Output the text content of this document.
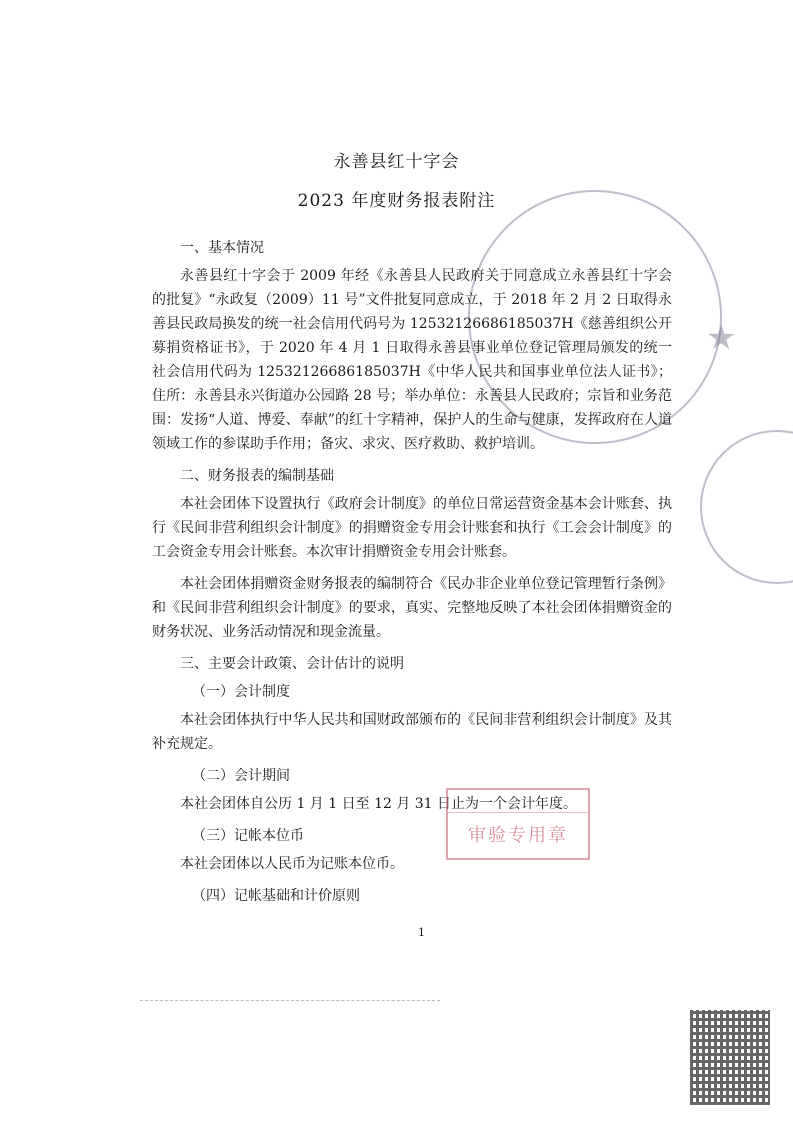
★
永善县红十字会
2023 年度财务报表附注
一、基本情况
永善县红十字会于 2009 年经《永善县人民政府关于同意成立永善县红十字会的批复》“永政复（2009）11 号”文件批复同意成立，于 2018 年 2 月 2 日取得永善县民政局换发的统一社会信用代码号为 12532126686185037H《慈善组织公开募捐资格证书》，于 2020 年 4 月 1 日取得永善县事业单位登记管理局颁发的统一社会信用代码为 12532126686185037H《中华人民共和国事业单位法人证书》；住所：永善县永兴街道办公园路 28 号；举办单位：永善县人民政府；宗旨和业务范围：发扬“人道、博爱、奉献”的红十字精神，保护人的生命与健康，发挥政府在人道领域工作的参谋助手作用；备灾、求灾、医疗救助、救护培训。
二、财务报表的编制基础
本社会团体下设置执行《政府会计制度》的单位日常运营资金基本会计账套、执行《民间非营利组织会计制度》的捐赠资金专用会计账套和执行《工会会计制度》的工会资金专用会计账套。本次审计捐赠资金专用会计账套。
本社会团体捐赠资金财务报表的编制符合《民办非企业单位登记管理暂行条例》和《民间非营利组织会计制度》的要求，真实、完整地反映了本社会团体捐赠资金的财务状况、业务活动情况和现金流量。
三、主要会计政策、会计估计的说明
（一）会计制度
本社会团体执行中华人民共和国财政部颁布的《民间非营利组织会计制度》及其补充规定。
（二）会计期间
本社会团体自公历 1 月 1 日至 12 月 31 日止为一个会计年度。
（三）记帐本位币
本社会团体以人民币为记账本位币。
（四）记帐基础和计价原则
审验专用章
1
